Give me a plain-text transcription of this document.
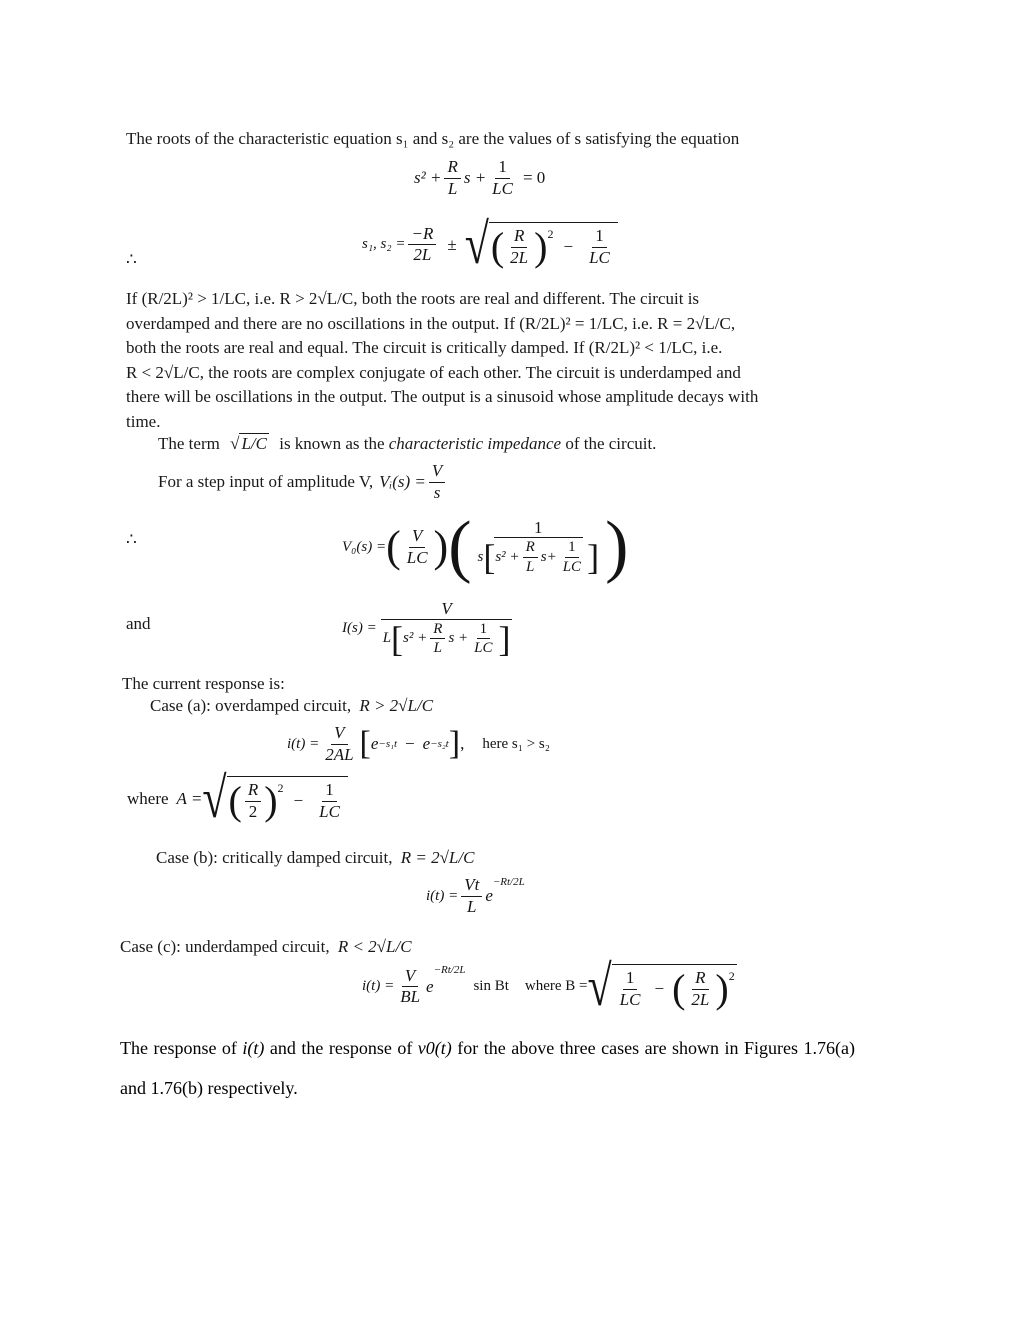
The roots of the characteristic equation s₁ and s₂ are the values of s satisfying the equation
$s^2 + \frac{R}{L}$ $s + \frac{1}{LC} = 0$
∴
s₁, $s_2 = \frac{-R}{2L}$ ± √ ( $\frac{R}{2L} )^2$
− $\frac{1}{LC}$
If (R/2L)² > 1/LC, i.e. R > 2√L/C, both the roots are real and different. The circuit is
overdamped and there are no oscillations in the output. If (R/2L)² = 1/LC, i.e. R = 2√L/C,
both the roots are real and equal. The circuit is critically damped. If (R/2L)² < 1/LC, i.e.
R < 2√L/C, the roots are complex conjugate of each other. The circuit is underdamped and
there will be oscillations in the output. The output is a sinusoid whose amplitude decays with
time.
The term √ L/C is known as the characteristic impedance of the circuit.
For a step input of amplitude V, Vᵢ(s) = $\frac{V}{s}$
∴	V₀(s) = ( $\frac{V}{LC}$ ) (	1
s [ $s^2 + \frac{R}{L} s+ \frac{1}{LC}$ ] )
and	I(s) =
V
L [ $s^2 + \frac{R}{L}$ $s + \frac{1}{LC}$ ]
The current response is:
Case (a): overdamped circuit, R > 2√L/C
$i(t) = \frac{V}{2AL}$ [ e −s₁t − e −s₂t ] , here s₁ > s₂
where A = √ ( $\frac{R}{2} )^2$
− $\frac{1}{LC}$
Case (b): critically damped circuit, R = 2√L/C
$i(t) = \frac{Vt}{L}$ e
$^{-Rt/2L}$
Case (c): underdamped circuit, R < 2√L/C
$i(t) = \frac{V}{BL}$ e
−Rt/2L
sin Bt where B = √ $\frac{1}{LC}$ − ( $\frac{R}{2L} )^2$
The response of i(t) and the response of v0(t) for the above three cases are shown in Figures 1.76(a) and 1.76(b) respectively.
